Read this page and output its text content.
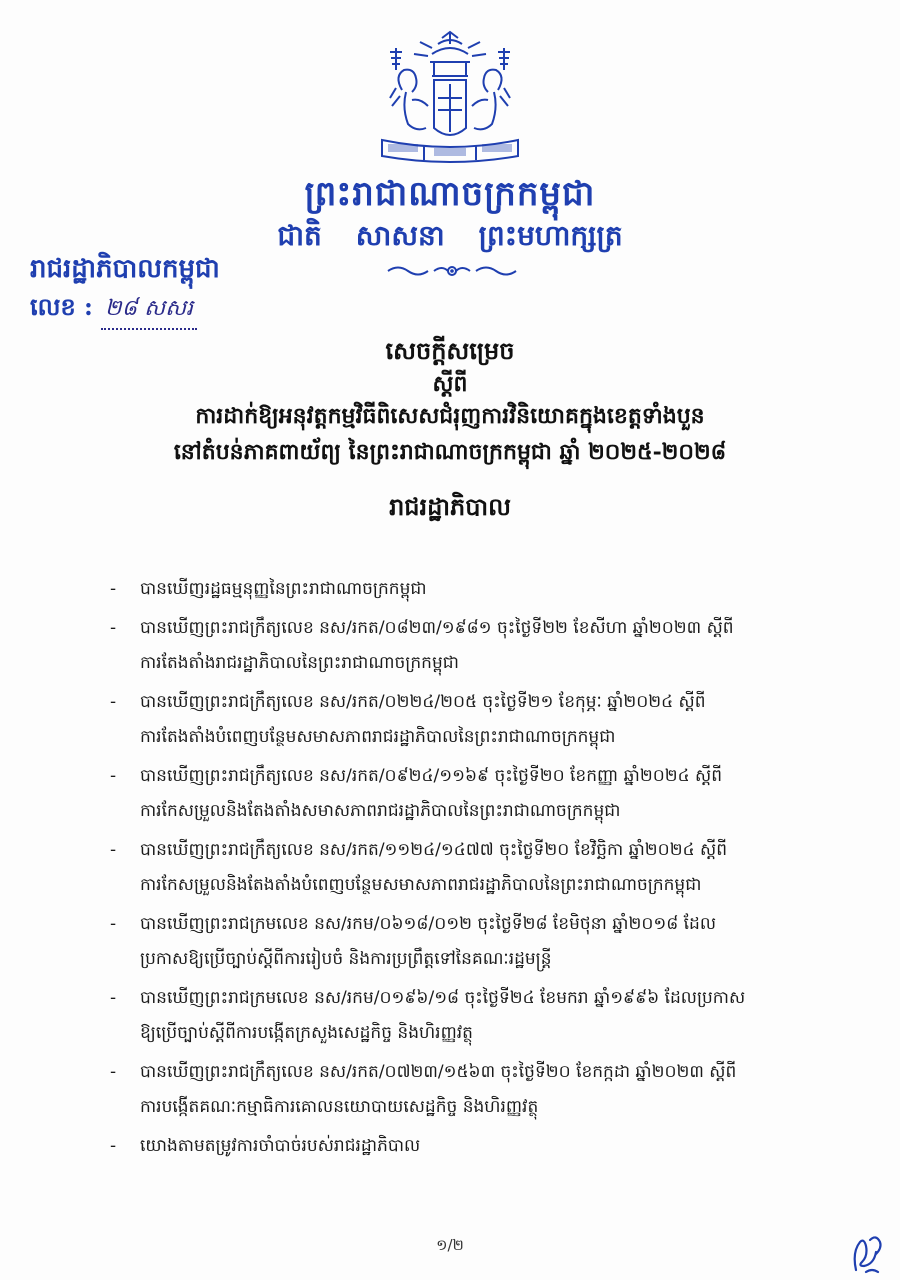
ព្រះរាជាណាចក្រកម្ពុជា
ជាតិ សាសនា ព្រះមហាក្សត្រ
រាជរដ្ឋាភិបាលកម្ពុជា
លេខ : ២៨ សសរ
សេចក្តីសម្រេច
ស្តីពី
ការដាក់ឱ្យអនុវត្តកម្មវិធីពិសេសជំរុញការវិនិយោគក្នុងខេត្តទាំងបួន
នៅតំបន់ភាគពាយ័ព្យ នៃព្រះរាជាណាចក្រកម្ពុជា ឆ្នាំ ២០២៥-២០២៨
រាជរដ្ឋាភិបាល
- បានឃើញរដ្ឋធម្មនុញ្ញនៃព្រះរាជាណាចក្រកម្ពុជា
- បានឃើញព្រះរាជក្រឹត្យលេខ នស/រកត/០៨២៣/១៩៨១ ចុះថ្ងៃទី២២ ខែសីហា ឆ្នាំ២០២៣ ស្តីពី
ការតែងតាំងរាជរដ្ឋាភិបាលនៃព្រះរាជាណាចក្រកម្ពុជា
- បានឃើញព្រះរាជក្រឹត្យលេខ នស/រកត/០២២៤/២០៥ ចុះថ្ងៃទី២១ ខែកុម្ភៈ ឆ្នាំ២០២៤ ស្តីពី
ការតែងតាំងបំពេញបន្ថែមសមាសភាពរាជរដ្ឋាភិបាលនៃព្រះរាជាណាចក្រកម្ពុជា
- បានឃើញព្រះរាជក្រឹត្យលេខ នស/រកត/០៩២៤/១១៦៩ ចុះថ្ងៃទី២០ ខែកញ្ញា ឆ្នាំ២០២៤ ស្តីពី
ការកែសម្រួលនិងតែងតាំងសមាសភាពរាជរដ្ឋាភិបាលនៃព្រះរាជាណាចក្រកម្ពុជា
- បានឃើញព្រះរាជក្រឹត្យលេខ នស/រកត/១១២៤/១៤៧៧ ចុះថ្ងៃទី២០ ខែវិច្ឆិកា ឆ្នាំ២០២៤ ស្តីពី
ការកែសម្រួលនិងតែងតាំងបំពេញបន្ថែមសមាសភាពរាជរដ្ឋាភិបាលនៃព្រះរាជាណាចក្រកម្ពុជា
- បានឃើញព្រះរាជក្រមលេខ នស/រកម/០៦១៨/០១២ ចុះថ្ងៃទី២៨ ខែមិថុនា ឆ្នាំ២០១៨ ដែល
ប្រកាសឱ្យប្រើច្បាប់ស្តីពីការរៀបចំ និងការប្រព្រឹត្តទៅនៃគណៈរដ្ឋមន្ត្រី
- បានឃើញព្រះរាជក្រមលេខ នស/រកម/០១៩៦/១៨ ចុះថ្ងៃទី២៤ ខែមករា ឆ្នាំ១៩៩៦ ដែលប្រកាស
ឱ្យប្រើច្បាប់ស្តីពីការបង្កើតក្រសួងសេដ្ឋកិច្ច និងហិរញ្ញវត្ថុ
- បានឃើញព្រះរាជក្រឹត្យលេខ នស/រកត/០៧២៣/១៥៦៣ ចុះថ្ងៃទី២០ ខែកក្កដា ឆ្នាំ២០២៣ ស្តីពី
ការបង្កើតគណៈកម្មាធិការគោលនយោបាយសេដ្ឋកិច្ច និងហិរញ្ញវត្ថុ
- យោងតាមតម្រូវការចាំបាច់របស់រាជរដ្ឋាភិបាល
១/២
